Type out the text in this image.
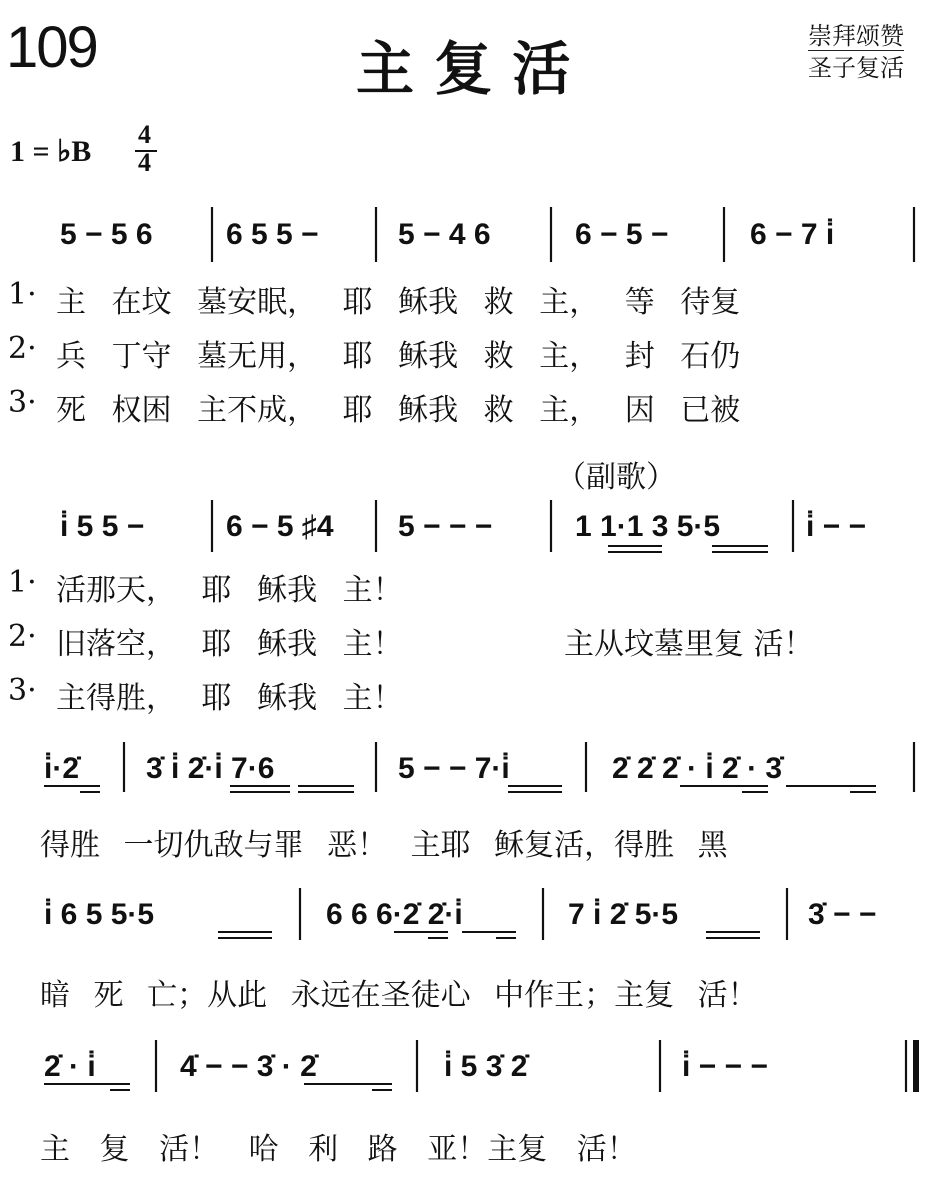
109	主 复 活	崇拜颂赞
圣子复活
1 = ♭B
4
4
5 − 5 6 6 5 5 −	5 − 4 6	6 − 5 −	6 − 7 i̇
1· 主 在坟 墓安眠， 耶 稣我 救 主， 等 待复
2· 兵 丁守 墓无用， 耶 稣我 救 主， 封 石仍
3· 死 权困 主不成， 耶 稣我 救 主， 因 已被
（副歌）
i̇ 5 5 −	6 − 5 ♯4 5 − − −	1 1·1 3 5·5	i̇ − −
1· 活那天， 耶 稣我 主！
2· 旧落空， 耶 稣我 主！	主从坟墓里复 活！
3· 主得胜， 耶 稣我 主！
i̇·2̇ 3̇ i̇ 2̇·i̇ 7·6	5 − − 7·i̇	2̇ 2̇ 2̇ · i̇ 2̇ · 3̇
得胜 一切仇敌与罪 恶！ 主耶 稣复活，得胜 黑
i̇ 6 5 5·5	6 6 6·2̇ 2̇·i̇	7 i̇ 2̇ 5·5	3̇ − −
暗 死 亡；从此 永远在圣徒心 中作王；主复 活！
2̇ · i̇	4̇ − − 3̇ · 2̇	i̇ 5 3̇ 2̇	i̇ − − −
主 复 活！ 哈 利 路 亚！主复 活！
